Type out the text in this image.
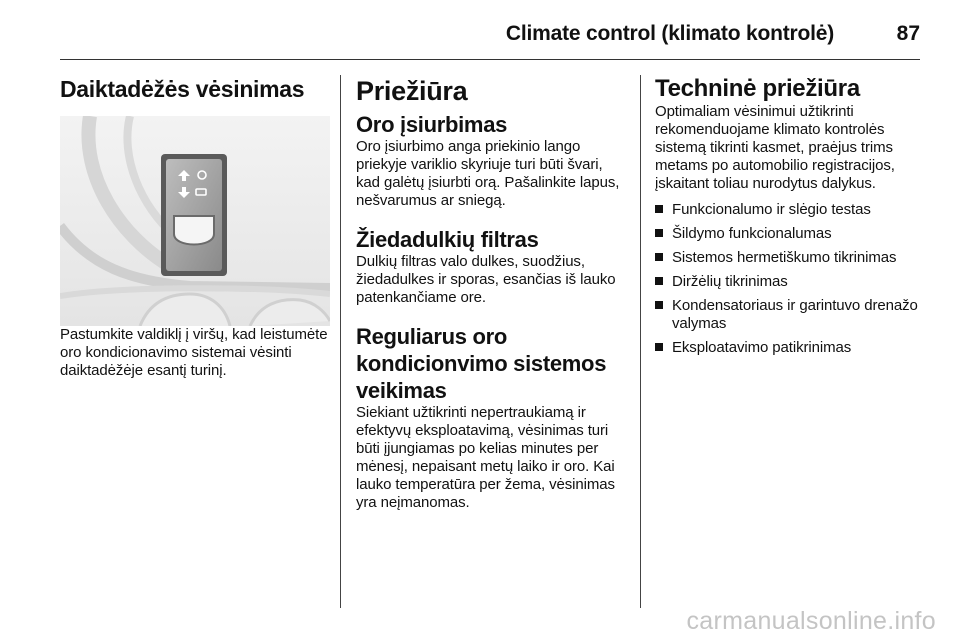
Climate control (klimato kontrolė)	87
Daiktadėžės vėsinimas

Pastumkite valdiklį į viršų, kad leistumėte oro kondicionavimo sistemai vėsinti daiktadėžėje esantį turinį.

Priežiūra
Oro įsiurbimas

Oro įsiurbimo anga priekinio lango priekyje variklio skyriuje turi būti švari, kad galėtų įsiurbti orą. Pašalinkite lapus, nešvarumus ar sniegą.

Žiedadulkių filtras

Dulkių filtras valo dulkes, suodžius, žiedadulkes ir sporas, esančias iš lauko patenkančiame ore.

Reguliarus oro kondicionvimo sistemos veikimas

Siekiant užtikrinti nepertraukiamą ir efektyvų eksploatavimą, vėsinimas turi būti įjungiamas po kelias minutes per mėnesį, nepaisant metų laiko ir oro. Kai lauko temperatūra per žema, vėsinimas yra neįmanomas.

Techninė priežiūra

Optimaliam vėsinimui užtikrinti rekomenduojame klimato kontrolės sistemą tikrinti kasmet, praėjus trims metams po automobilio registracijos, įskaitant toliau nurodytus dalykus.

Funkcionalumo ir slėgio testas
Šildymo funkcionalumas
Sistemos hermetiškumo tikrinimas
Diržėlių tikrinimas
Kondensatoriaus ir garintuvo drenažo valymas
Eksploatavimo patikrinimas
carmanualsonline.info
